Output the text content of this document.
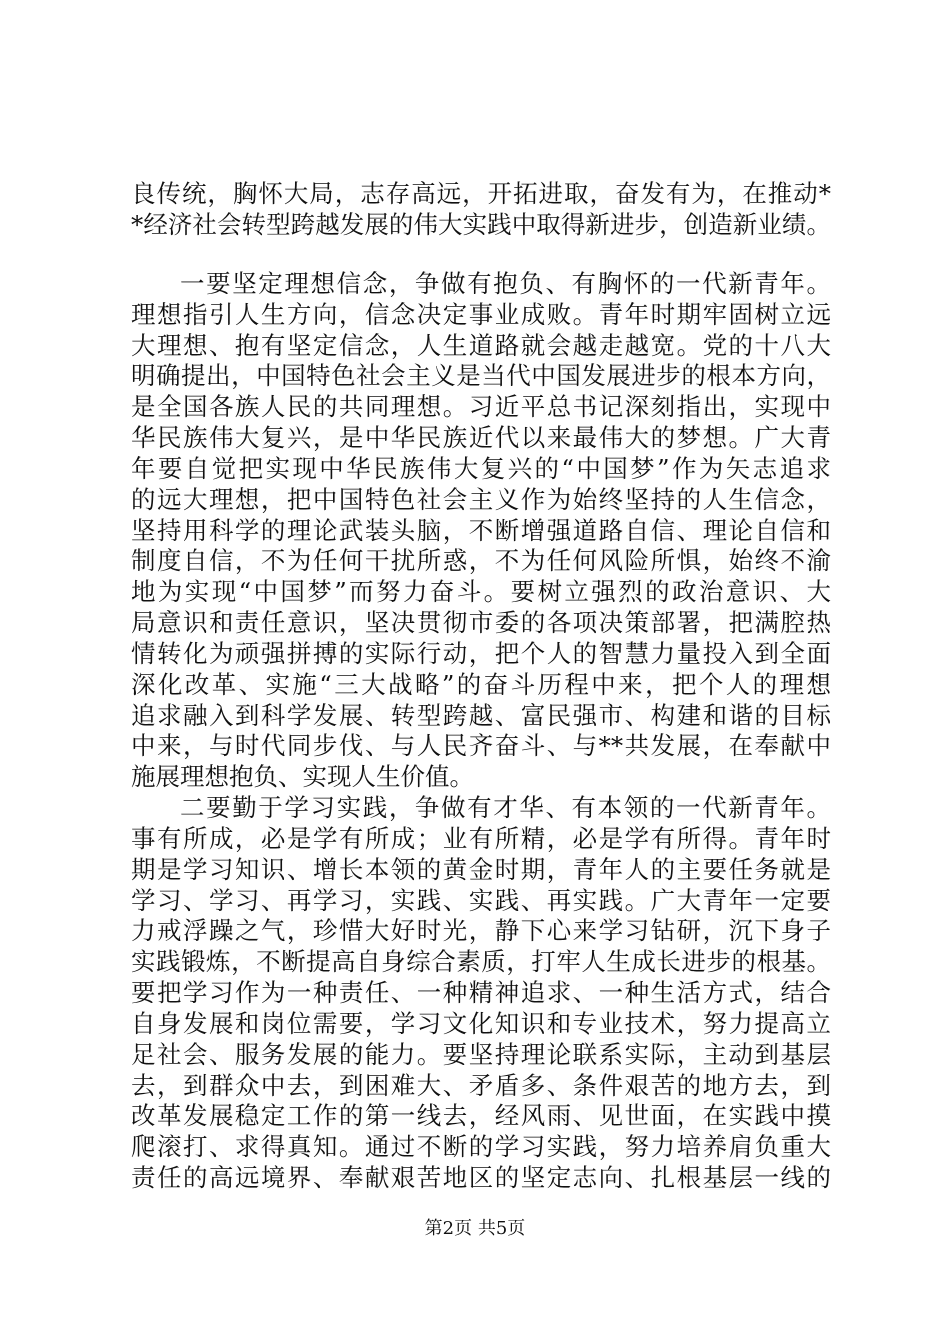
良传统，胸怀大局，志存高远，开拓进取，奋发有为，在推动*
*经济社会转型跨越发展的伟大实践中取得新进步，创造新业绩。
一要坚定理想信念，争做有抱负、有胸怀的一代新青年。
理想指引人生方向，信念决定事业成败。青年时期牢固树立远
大理想、抱有坚定信念，人生道路就会越走越宽。党的十八大
明确提出，中国特色社会主义是当代中国发展进步的根本方向，
是全国各族人民的共同理想。习近平总书记深刻指出，实现中
华民族伟大复兴，是中华民族近代以来最伟大的梦想。广大青
年要自觉把实现中华民族伟大复兴的“中国梦”作为矢志追求
的远大理想，把中国特色社会主义作为始终坚持的人生信念，
坚持用科学的理论武装头脑，不断增强道路自信、理论自信和
制度自信，不为任何干扰所惑，不为任何风险所惧，始终不渝
地为实现“中国梦”而努力奋斗。要树立强烈的政治意识、大
局意识和责任意识，坚决贯彻市委的各项决策部署，把满腔热
情转化为顽强拼搏的实际行动，把个人的智慧力量投入到全面
深化改革、实施“三大战略”的奋斗历程中来，把个人的理想
追求融入到科学发展、转型跨越、富民强市、构建和谐的目标
中来，与时代同步伐、与人民齐奋斗、与**共发展，在奉献中
施展理想抱负、实现人生价值。
二要勤于学习实践，争做有才华、有本领的一代新青年。
事有所成，必是学有所成；业有所精，必是学有所得。青年时
期是学习知识、增长本领的黄金时期，青年人的主要任务就是
学习、学习、再学习，实践、实践、再实践。广大青年一定要
力戒浮躁之气，珍惜大好时光，静下心来学习钻研，沉下身子
实践锻炼，不断提高自身综合素质，打牢人生成长进步的根基。
要把学习作为一种责任、一种精神追求、一种生活方式，结合
自身发展和岗位需要，学习文化知识和专业技术，努力提高立
足社会、服务发展的能力。要坚持理论联系实际，主动到基层
去，到群众中去，到困难大、矛盾多、条件艰苦的地方去，到
改革发展稳定工作的第一线去，经风雨、见世面，在实践中摸
爬滚打、求得真知。通过不断的学习实践，努力培养肩负重大
责任的高远境界、奉献艰苦地区的坚定志向、扎根基层一线的
第2页 共5页
